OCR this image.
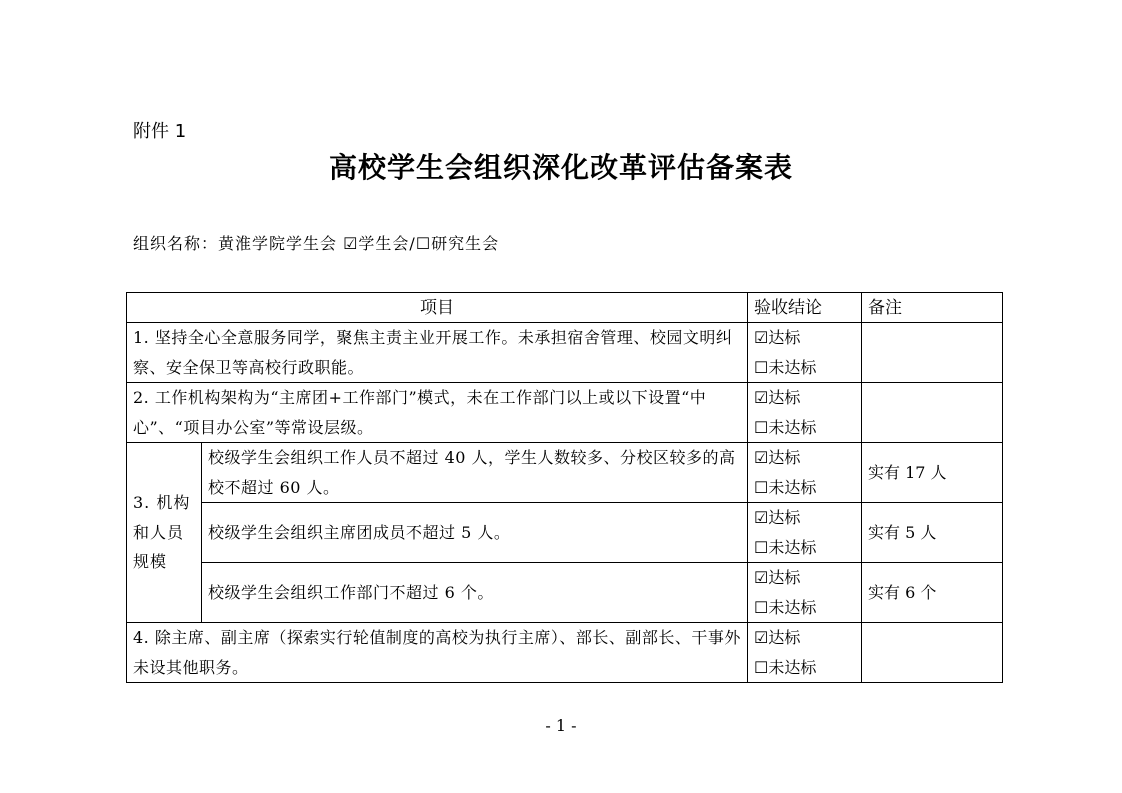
附件 1
高校学生会组织深化改革评估备案表
组织名称：黄淮学院学生会 ☑学生会/☐研究生会
项目		验收结论	备注
1. 坚持全心全意服务同学，聚焦主责主业开展工作。未承担宿舍管理、校园文明纠察、安全保卫等高校行政职能。		☑达标
☐未达标	

2. 工作机构架构为“主席团+工作部门”模式，未在工作部门以上或以下设置“中心”、“项目办公室”等常设层级。		☑达标
☐未达标	

3. 机构和人员规模	校级学生会组织工作人员不超过 40 人，学生人数较多、分校区较多的高校不超过 60 人。	☑达标
☐未达标	实有 17 人
	校级学生会组织主席团成员不超过 5 人。	☑达标
☐未达标	实有 5 人
	校级学生会组织工作部门不超过 6 个。	☑达标
☐未达标	实有 6 个
4. 除主席、副主席（探索实行轮值制度的高校为执行主席）、部长、副部长、干事外未设其他职务。		☑达标
☐未达标	

- 1 -
